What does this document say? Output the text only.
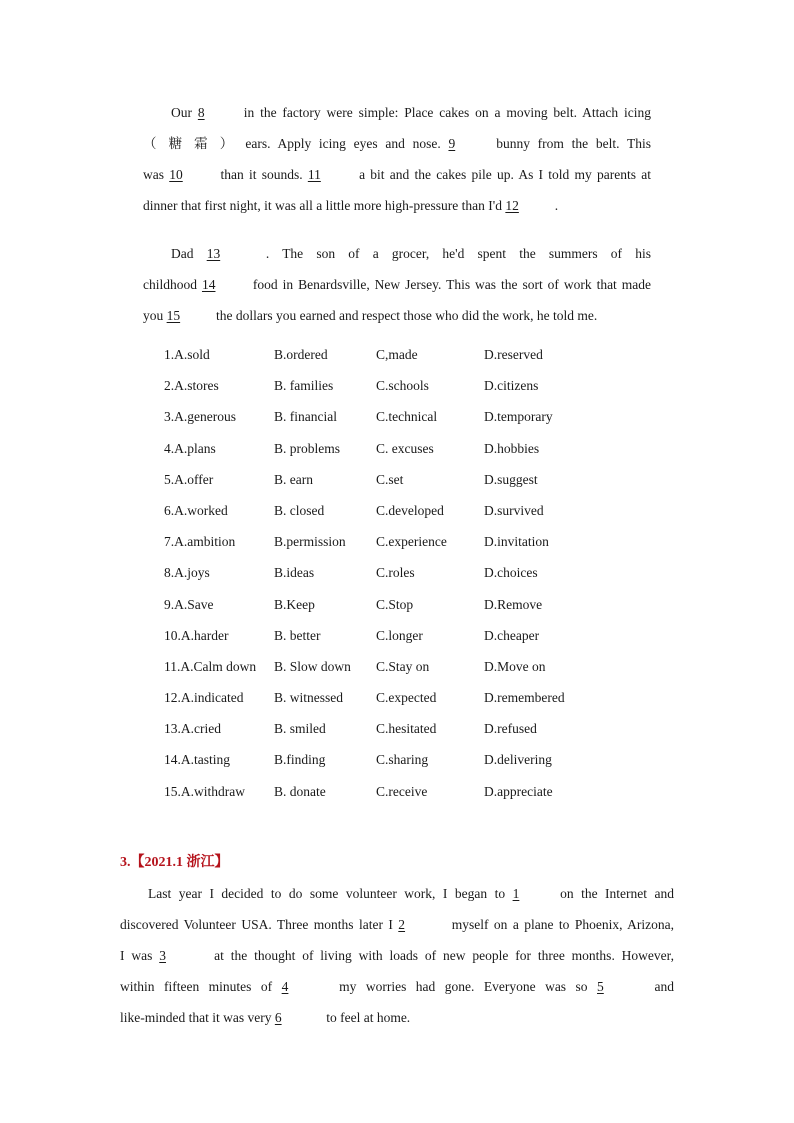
Our 8 in the factory were simple: Place cakes on a moving belt. Attach icing
（ 糖 霜 ） ears. Apply icing eyes and nose. 9 bunny from the belt. This
was 10 than it sounds. 11 a bit and the cakes pile up. As I told my parents at
dinner that first night, it was all a little more high-pressure than I'd 12 .
Dad 13 . The son of a grocer, he'd spent the summers of his
childhood 14 food in Benardsville, New Jersey. This was the sort of work that made
you 15 the dollars you earned and respect those who did the work, he told me.
1.A.sold	B.ordered	C,made	D.reserved
2.A.stores	B. families	C.schools	D.citizens
3.A.generous	B. financial	C.technical	D.temporary
4.A.plans	B. problems	C. excuses	D.hobbies
5.A.offer	B. earn	C.set	D.suggest
6.A.worked	B. closed	C.developed	D.survived
7.A.ambition	B.permission C.experience	D.invitation
8.A.joys	B.ideas	C.roles	D.choices
9.A.Save	B.Keep	C.Stop	D.Remove
10.A.harder	B. better	C.longer	D.cheaper
11.A.Calm down B. Slow down C.Stay on	D.Move on
12.A.indicated B. witnessed C.expected	D.remembered
13.A.cried	B. smiled	C.hesitated	D.refused
14.A.tasting	B.finding	C.sharing	D.delivering
15.A.withdraw B. donate	C.receive	D.appreciate
3.【2021.1 浙江】
Last year I decided to do some volunteer work, I began to 1 on the Internet and
discovered Volunteer USA. Three months later I 2	myself on a plane to Phoenix, Arizona,
I was 3	at the thought of living with loads of new people for three months. However,
within fifteen minutes of 4	my worries had gone. Everyone was so 5	and
like-minded that it was very 6	to feel at home.
